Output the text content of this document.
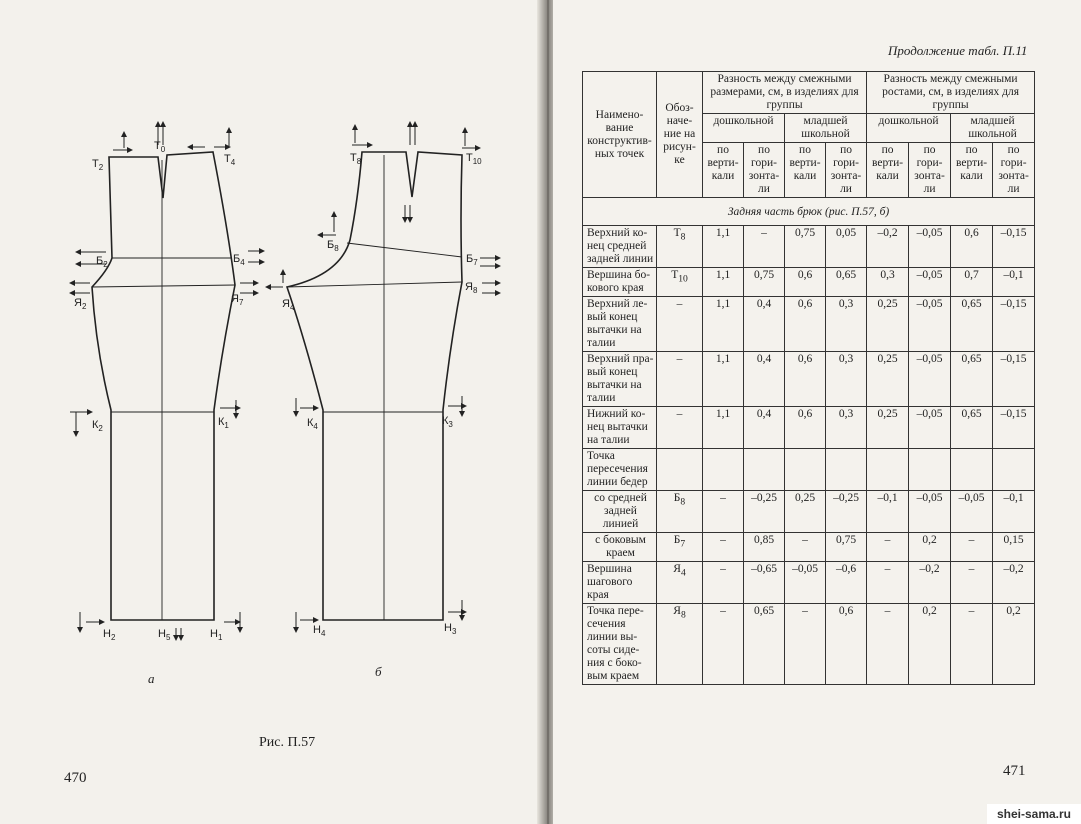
$T_0$
$T_2$
$T_4$
$Б_2$	$Б_4$
$Я_2$
$Я_7$
$К_2$
$К_1$
$Н_2$	$Н_5$	$Н_1$
$T_8$	$T_{10}$
$Б_8$
$Б_7$
$Я_4$
$Я_8$
$К_4$	$К_3$
$Н_4$	$Н_3$
а	б
Рис. П.57
470
Продолжение табл. П.11
Наимено-вание конструктив-ных точек	Обоз-наче-ние на рисун-ке	Разность между смежными размерами, см, в изделиях для группы				Разность между смежными ростами, см, в изделиях для группы			
		дошкольной		младшей школьной		дошкольной		младшей школьной	
		по верти-кали	по гори-зонта-ли	по верти-кали	по гори-зонта-ли	по верти-кали	по гори-зонта-ли	по верти-кали	по гори-зонта-ли
Задняя часть брюк (рис. П.57, б)									
Верхний ко-нец средней задней линии	$Т_8$	1,1	–	0,75	0,05	–0,2	–0,05	0,6	–0,15
Вершина бо-кового края	$Т_{10}$	1,1	0,75	0,6	0,65	0,3	–0,05	0,7	–0,1
Верхний ле-вый конец вытачки на талии	–	1,1	0,4	0,6	0,3	0,25	–0,05	0,65	–0,15
Верхний пра-вый конец вытачки на талии	–	1,1	0,4	0,6	0,3	0,25	–0,05	0,65	–0,15
Нижний ко-нец вытачки на талии	–	1,1	0,4	0,6	0,3	0,25	–0,05	0,65	–0,15
Точка пересечения линии бедер									
со средней задней линией	$Б_8$	–	–0,25	0,25	–0,25	–0,1	–0,05	–0,05	–0,1
с боковым краем	$Б_7$	–	0,85	–	0,75	–	0,2	–	0,15
Вершина шагового края	$Я_4$	–	–0,65	–0,05	–0,6	–	–0,2	–	–0,2
Точка пере-сечения линии вы-соты сиде-ния с боко-вым краем	$Я_8$	–	0,65	–	0,6	–	0,2	–	0,2
471
shei-sama.ru
